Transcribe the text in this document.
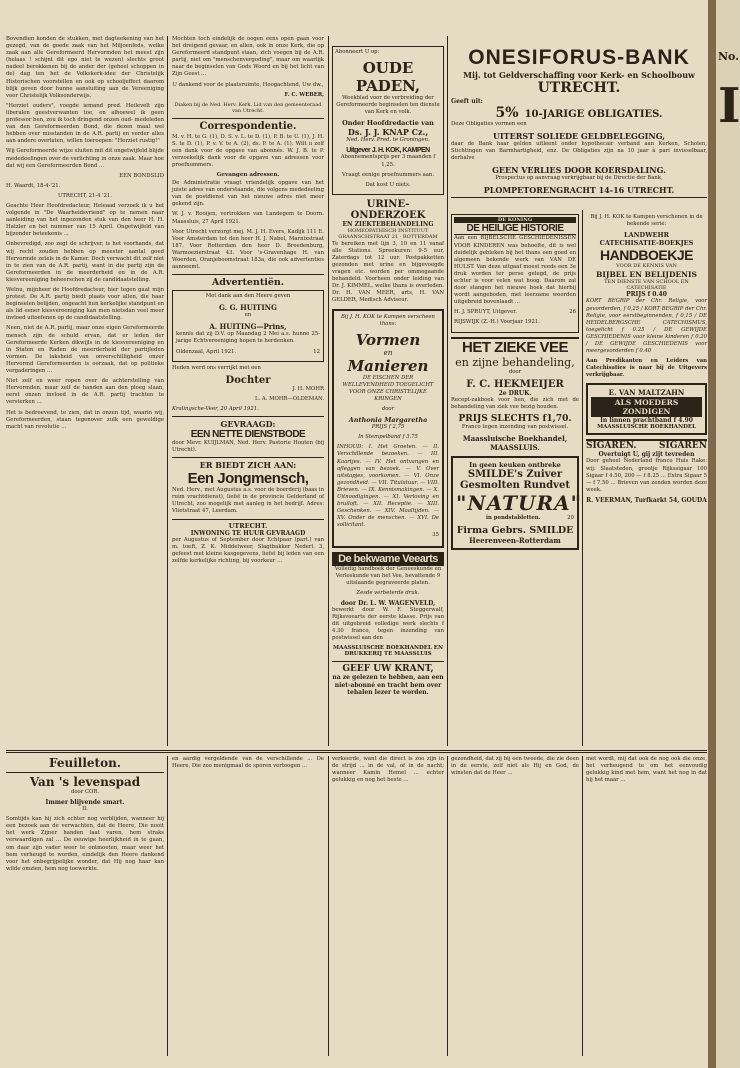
Bovendien konden de stukken, met dagteekening van het gezegd, van de goede zaak van het Miljoenfeds, welke zaak aan alle Gereformeerd Hervormden het meest zijn (helaas ! schijnt dit ego niet te wezen) slechts groot nadeel berokkenen bij de ander der (geheel schoppen in de) dag ten het de Volkskerk-idee der Christelijk Historischen voorstellen en ook op schooljeffect daarom blijk geven door hunne aansluiting aan de Vereeniging voor Christelijk Volksonderwijs.

"Herziet ouders", voegde iemand pred. Heilevelt zijn liberalen geestverwanten toe, en alhoewel ik geen professor ben, zou ik toch dringend onzen oud- medeleden van den Gereformeerden Bond, die dezen maal wel hebben over misstanden in de A.R. partij en verder alles aan andere overlaten, willen toeroepen: "Herziet rustig!"

Wij Gereformeerde wijze sluiten mit dit ongetwijfeld blijde mededeelingen over de verlichting in onze zaak. Maar hoe dat wij een Gereformeerden Bond ...

EEN BONDSLID

H. Waardt, 18-4-'21.

UTRECHT, 21-4 '21.

Geachte Heer Hoofdredacteur, Heleaad verzoek ik u het volgende in "De Waarheidsvriend" op te nemen naar aanleiding van het ingezonden stuk van den heer H. H. Hatzler en het nummer van 15 April. Ongetwijfeld van bijzonder beteekenis ...

Onbevredigd, zoo zegt de schrijver, is het voorhands, dat wij recht zouden hebben op meester aantal goed Hervormde zetels in de Kamer. Doch verwacht dit zelf niet in te zien van de A.R. partij, want in die partij zijn de Gereformeerden in de meerderheid en in de A.R. kiesvereeniging beheerschen zij de candidaatstelling.

Welnu, mijnheer de Hoofdredacteur, hier tegen gaat mijn protest. De A.R. partij biedt plaats voor allen, die haar beginselen belijden, ongeacht hun kerkelijke standpunt en als lid eener kiesvereeniging kan men nietsdan veel meer invloed uitoefenen op de candidaatstelling.

Neen, niet de A.R. partij, maar onze eigen Gereformeerde mensch zijn de schuld ervan, dat er leden der Gereformeerde Kerken dikwijls in de kiesvereeniging en in Staten en Raden de meerderheid der partijleden vormen. De laksheid van onverschilligheid onzer Hervormd Gereformeerden is oorzaak, dat op politieke vergaderingen ...

Niet zelf en weer ropen over de achterstelling van Hervormden, maar zelf de handen aan den ploeg slaan, eerst onzen invloed in de A.R. partij trachten te versterken ...

Het is bedroevend, te zien, dat in onzen tijd, waarin wij, Gereformeerden, staan tegenover zulk een geweldige macht van revolutie ...

Mochten toch eindelijk de oogen eens open gaan voor het dreigend gevaar, en allen, ook in onze Kerk, die op Gereformeerd standpunt staan, zich voegen bij de A.R. partij, niet om "menschenvergoding", maar om waarlijk naar de beginselen van Gods Woord en bij het licht van Zijn Geest ...

U dankend voor de plaatsruimte, Hoogachtend, Uw dw.,

F. C. WEBER,

Diaken bij de Ned. Herv. Kerk. Lid van den gemeenteraad van Utrecht.

Correspondentie.

M. v. H. te G. (1), D. S. v. L. te D. (1), P. B. te U. (1), J. H. S. te D. (1), P. v. V. te A. (2), ds. P. te A. (1). Wilt u zelf een dank voor de opgave van abonnés. W. J. B. te P. verzoekelijk dank voor de opgave van adressen voor proefnummers.

Gevangen adressen.

De Administratie vraagt vriendelijk opgave van het juiste adres van onderstaande, die volgens mededeeling van de postdienst van het nieuwe adres niet meer gekend zijn.

W. J. v. Rooijen, vertrokken van Landegem te Doorn. Maassluis, 27 April 1921.

Voor Utrecht verzorgt mej. M. J. H. Evers, Kadijk 111 E. Voor Amsterdam tot den heer H. J. Nabel, Marnixstraat 187. Voor Rotterdam den heer D. Breedenburg, Warmoezierstraat 43. Voor 's-Gravenhage H. van Woerden, Oranjeboomstraat 183a, die ook advertenties aanneemt.

Advertentiën.
Met dank aan den Heere geven
G. G. HUITING
en
A. HUITING—Prins,
kennis dat zij D.V. op Maandag 2 Mei a.s. hunne 25-jarige Echtvereeniging hopen te herdenken.
Oldenzaal, April 1921.	12
Heden werd ons verrijkt met een
Dochter
J. H. MOHR
L. A. MOHR—OLDEMAN.
Kralingsche-Veer, 20 April 1921.
GEVRAAGD:
EEN NETTE DIENSTBODE
door Mevr. KUIJLMAN, Ned. Herv. Pastorie Houten (bij Utrecht).
ER BIEDT ZICH AAN:
Een Jongmensch,
Ned. Herv., met Augustus a.s. voor de boerderij (baas in ruim vrachtdienst), liefst in de provincie Gelderland of Utrecht, zoo mogelijk met aanleg in het bedrijf. Adres: Vlietstraat 47, Leerdam.
UTRECHT.
INWONING TE HUUR GEVRAAGD
per Augustus of September door Echtpaar (part.) van m. toeft, Z. K. Middelweer, Slagtbakker Nederl. 3, gefeest met kleine kasgegevens, liefst bij leden van een zelfde kerkelijke richting, bij voorkeur ...
Abonneert U op:
OUDE PADEN,
Weekblad voor de verbreiding der Gereformeerde beginselen ten dienste van Kerk en volk.
Onder Hoofdredactie van
Ds. J. J. KNAP Cz.,
Ned. Herv. Pred. te Groningen.
Uitgever J. H. KOK, KAMPEN
Abonnementsprijs per 3 maanden f 1,25.
Vraagt eenige proefnummers aan.
Dat kost U niets.
URINE-ONDERZOEK
EN ZIEKTEBEHANDELING
HOMEOPATHISCH INSTITUUT
GRAANSCHSTRAAT 21 · ROTTERDAM
Te bereiken met lijn 3, 10 en 11 vanaf alle Stations. Spreekuren: 9-5 uur, Zaterdags tot 12 uur. Postpakketten gezonden met urine en bijgevoegde vragen etc. worden per ommegaande behandeld. Voorheen onder leiding van Dr. J. KIMMEL, welke thans is overleden. Dr. H. VAN MEER, arts, H. VAN GELDER, Medisch Adviseur.
Bij J. H. KOK te Kampen verscheen thans:
Vormen
en
Manieren
DE EISCHEN DER WELLEVENDHEID TOEGELICHT VOOR ONZE CHRISTELIJKE KRINGEN
door
Anthonia Margaretha
PRIJS f 2,75
In Stempelband f 3.75
INHOUD: I. Het Groeten. — II. Verschillende bezoeken. — III. Kaartjes. — IV. Het ontvangen en afleggen van bezoek. — V. Over uitstapjes, voorkomen. — VI. Onze gezondheid. — VII. Titulatuur. — VIII. Brieven. — IX. Kennismakingen. — X. Uitnoodigingen. — XI. Verloving en bruiloft. — XII. Receptie. — XIII. Geschenken. — XIV. Maaltijden. — XV. Onder de menschen. — XVI. De sollicitant.
35
De bekwame Veearts
Volledig handboek der Geneeskunde en Verloskunde van het Vee, bevattende 9 uitslaande gegraveerde platen.
Zesde verbeterde druk.
door Dr. L. W. WAGENVELD,
bewerkt door W. F. Steggerwalf, Rijksveearts der eerste klasse. Prijs van dit uitgebreid volledige werk slechts f 4.30 franco, tegen inzending van postwissel aan den
MAASSLUISCHE BOEKHANDEL EN DRUKKERIJ TE MAASSLUIS
GEEF UW KRANT,
na ze gelezen te hebben, aan een niet-abonné en tracht hem over tehalen lezer te worden.
ONESIFORUS-BANK
Mij. tot Geldverschaffing voor Kerk- en Schoolbouw
UTRECHT.
Geeft uit:
5% 10-JARIGE OBLIGATIES.
Deze Obligaties vormen een
UITERST SOLIEDE GELDBELEGGING,
daar de Bank haar gelden uitleent onder hypothecair verband aan Kerken, Scholen, Stichtingen van Barmhartigheid, enz. De Obligaties zijn na 10 jaar à pari invisselbaar, derhalve
GEEN VERLIES DOOR KOERSDALING.
Prospectus op aanvraag verkrijgbaar bij de Directie der Bank,
PLOMPETORENGRACHT 14-16 UTRECHT.
DE KONING
DE HEILIGE HISTORIE
Aan een BIJBELSCHE GESCHIEDENISSEN VOOR KINDEREN was behoefte, dit is wel duidelijk gebleken bij het thans een goed en algemeen bekende werk van VAN DE HULST. Van deze uitgaaf moest reeds een 3e druk worden ter perse gelegd, de prijs echter is voor velen wat hoog. Daarom zal door stangen het nieuwe boek dat hierbij wordt aangeboden, met leerzame woorden uitgebreid bovenlaadt ...
H. J. SPRUYT, Uitgever.	26
RIJSWIJK (Z.-H.) Voorjaar 1921.
HET ZIEKE VEE
en zijne behandeling,
door
F. C. HEKMEIJER
2e DRUK.
Recept-zakboek voor hen, die zich met de behandeling van ziek vee bezig houden.
PRIJS SLECHTS f1,70.
Franco tegen inzending van postwissel.
Maassluische Boekhandel,
MAASSLUIS.
In geen keuken ontbreke
SMILDE's Zuiver
Gesmolten Rundvet
"NATURA"
in pondstabletten.	20
Firma Gebrs. SMILDE
Heerenveen-Rotterdam
Bij J. H. KOK te Kampen verschenen in de bekende serie:
LANDWEHR
CATECHISATIE-BOEKJES
HANDBOEKJE
VOOR DE KENNIS VAN
BIJBEL EN BELIJDENIS
TEN DIENSTE VAN SCHOOL EN CATECHISATIE
PRIJS f 0.40
KORT BEGRIP der Chr. Religie, voor gevorderden, f 0,25 / KORT BEGRIP der Chr. Religie, voor eerstbeginnenden, f 0,15 / DE HEIDELBERGSCHE CATECHISMUS, toegelicht f 0.25 / DE GEWIJDE GESCHIEDENIS voor kleine kinderen f 0.20 / DE GEWIJDE GESCHIEDENIS voor meergevorderden f 0.40
Aan Predikanten en Leiders van Catechisaties is naar bij de Uitgevers verkrijgbaar.
E. VAN MALTZAHN
ALS MOEDERS ZONDIGEN
In linnen prachtband f 4.90
MAASSLUISCHE BOEKHANDEL
SIGAREN.	SIGAREN
Overtuigt U, gij zijt tevreden
Door geheel Nederland franco Huis Rake: wij: Slaatsteden, grootje Rijkssigaar 100 Sigaar f 4.50, 200 — f 8.25 ... Extra Sigaar 5 — f 7.50 ... Brieven van zenden worden deze week.
R. VEERMAN, Turfkarkt 54, GOUDA
Feuilleton.
Van 's levenspad
door COR.
Immer blijvende smart.
II.

Somtijds kan hij zich echter nog verblijden, wanneer hij een bezoek aan de verwachten, dat de Heere, Die nooit het werk Zijner handen laat varen, hem straks verwaardigen zal ... De eeuwige heerlijkheid in te gaan, om daar zijn vader weer te ontmoeten, maar weer het hem verheugd te worden, eindelijk den Heere dankend voor het onbegrijpelijke wonder, dat Hij nog haar kan wilde omzien, hem nog toewerkte.

en aardig vergeldende van de verschillende ... De Heere, Die zoo menigmaal de sporen vertoogen ...

verkeerde, want die direct is zoo zijn in de strijd ... in de val, of in de nacht; wanneer Kamin Hemel ... echter gelukkig en nog het beste ...

gezondheid, dat zij bij een tweede, die zie deen in de eerste, zelf niet als Hij en God, de winsten dat de Heer ...

met wordt, mij dat ook de nog ook die onze, het verheugend te om het eenvoudig gelukkig kind met hem, want het nog in dat hij het maar ...

No.
I
